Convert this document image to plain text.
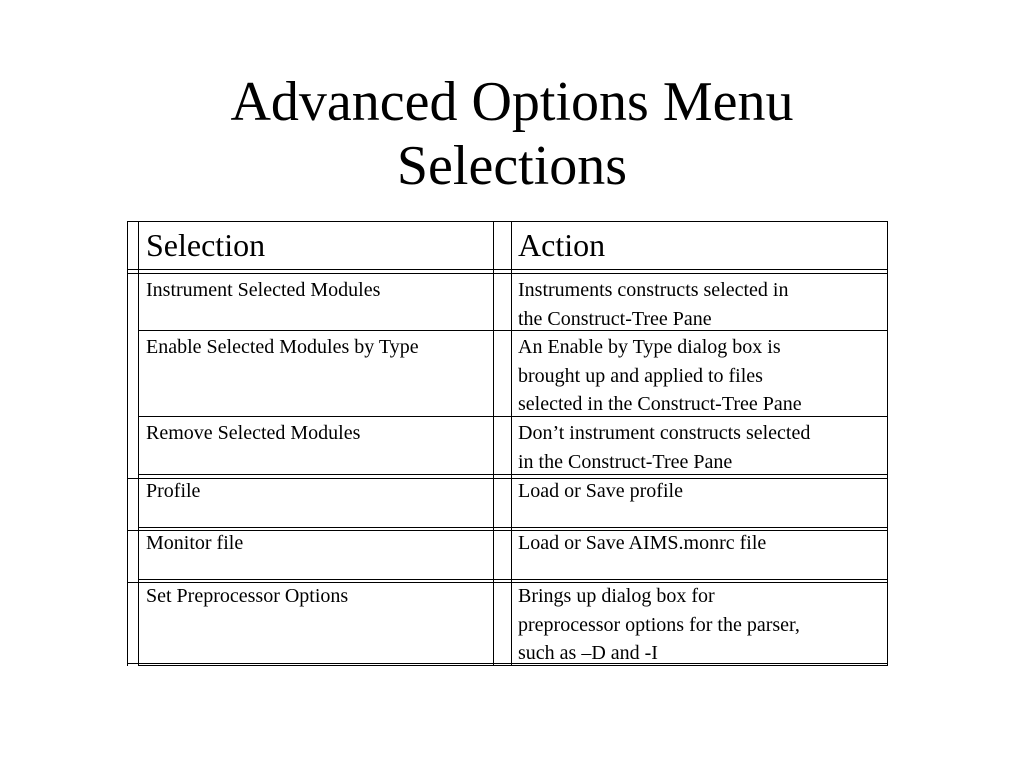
Advanced Options Menu
Selections
Selection	Action
Instrument Selected Modules	Instruments constructs selected in
the Construct-Tree Pane
Enable Selected Modules by Type	An Enable by Type dialog box is
brought up and applied to files
selected in the Construct-Tree Pane
Remove Selected Modules	Don’t instrument constructs selected
in the Construct-Tree Pane
Profile	Load or Save profile
Monitor file	Load or Save AIMS.monrc file
Set Preprocessor Options	Brings up dialog box for
preprocessor options for the parser,
such as –D and -I
